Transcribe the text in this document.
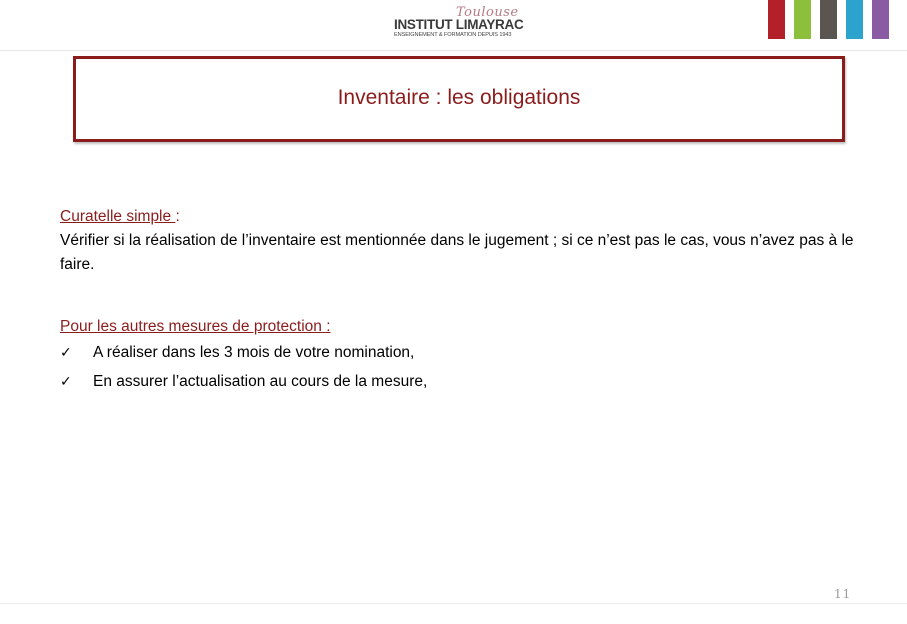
Toulouse
INSTITUT LIMAYRAC
ENSEIGNEMENT & FORMATION DEPUIS 1943
Inventaire : les obligations

Curatelle simple :

Vérifier si la réalisation de l’inventaire est mentionnée dans le jugement ; si ce n’est pas le cas, vous n’avez pas à le faire.

Pour les autres mesures de protection :

✓	A réaliser dans les 3 mois de votre nomination,
✓	En assurer l’actualisation au cours de la mesure,
11
